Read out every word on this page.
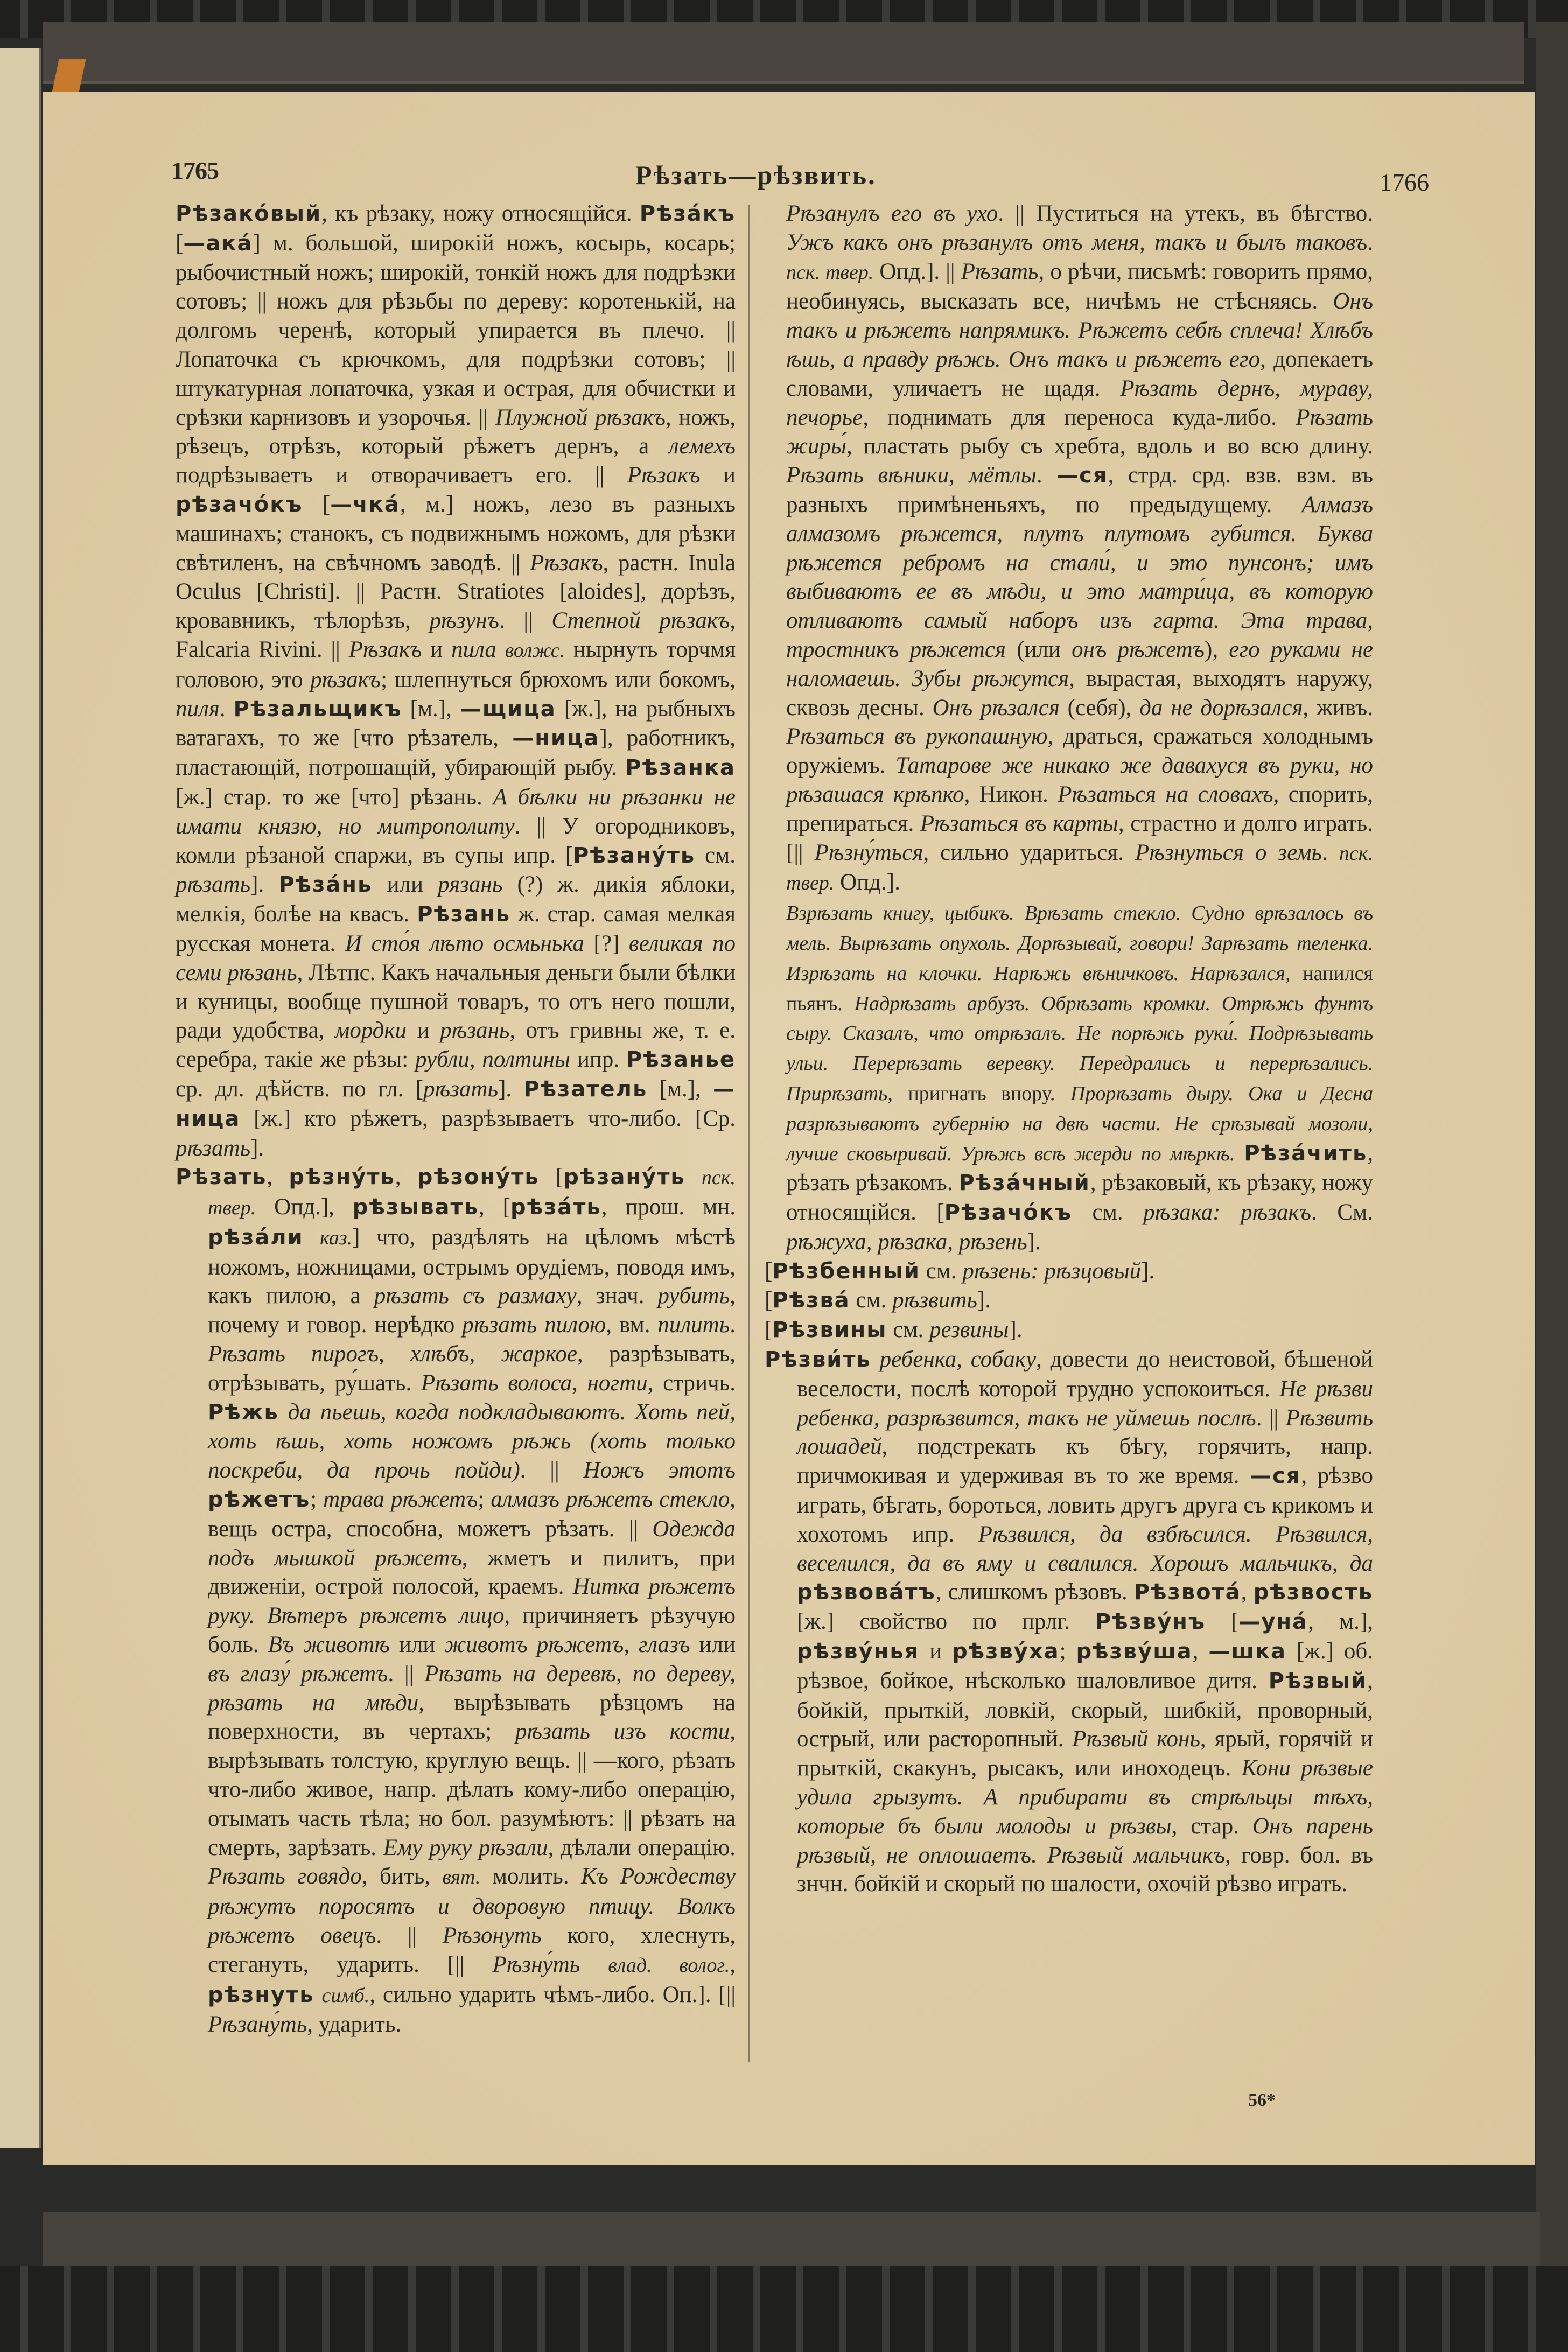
1765	Рѣзать—рѣзвить.	1766

Рѣзако́вый, къ рѣзаку, ножу относящiйся. Рѣза́къ [—ака́] м. большой, широкiй ножъ, косырь, косарь; рыбочистный ножъ; широкiй, тонкiй ножъ для подрѣзки сотовъ; || ножъ для рѣзьбы по дереву: коротенькiй, на долгомъ черенѣ, который упирается въ плечо. || Лопаточка съ крючкомъ, для подрѣзки сотовъ; || штукатурная лопаточка, узкая и острая, для обчистки и срѣзки карнизовъ и узорочья. || Плужной рѣзакъ, ножъ, рѣзецъ, отрѣзъ, который рѣжетъ дернъ, а лемехъ подрѣзываетъ и отворачиваетъ его. || Рѣзакъ и рѣзачо́къ [—чка́, м.] ножъ, лезо въ разныхъ машинахъ; станокъ, съ подвижнымъ ножомъ, для рѣзки свѣтиленъ, на свѣчномъ заводѣ. || Рѣзакъ, растн. Inula Oculus [Christi]. || Растн. Stratiotes [aloides], дорѣзъ, кровавникъ, тѣлорѣзъ, рѣзунъ. || Степной рѣзакъ, Falcaria Rivini. || Рѣзакъ и пила волжс. нырнуть торчмя головою, это рѣзакъ; шлепнуться брюхомъ или бокомъ, пиля. Рѣзальщикъ [м.], —щица [ж.], на рыбныхъ ватагахъ, то же [что рѣзатель, —ница], работникъ, пластающiй, потрошащiй, убирающiй рыбу. Рѣзанка [ж.] стар. то же [что] рѣзань. А бѣлки ни рѣзанки не имати князю, но митрополиту. || У огородниковъ, комли рѣзаной спаржи, въ супы ипр. [Рѣзану́ть см. рѣзать]. Рѣза́нь или рязань (?) ж. дикiя яблоки, мелкiя, болѣе на квасъ. Рѣзань ж. стар. самая мелкая русская монета. И сто́я лѣто осмьнька [?] великая по семи рѣзань, Лѣтпс. Какъ начальныя деньги были бѣлки и куницы, вообще пушной товаръ, то отъ него пошли, ради удобства, мордки и рѣзань, отъ гривны же, т. е. серебра, такiе же рѣзы: рубли, полтины ипр. Рѣзанье ср. дл. дѣйств. по гл. [рѣзать]. Рѣзатель [м.], —ница [ж.] кто рѣжетъ, разрѣзываетъ что-либо. [Ср. рѣзать].

Рѣзать, рѣзну́ть, рѣзону́ть [рѣзану́ть пск. твер. Опд.], рѣзывать, [рѣза́ть, прош. мн. рѣза́ли каз.] что, раздѣлять на цѣломъ мѣстѣ ножомъ, ножницами, острымъ орудiемъ, поводя имъ, какъ пилою, а рѣзать съ размаху, знач. рубить, почему и говор. нерѣдко рѣзать пилою, вм. пилить. Рѣзать пирогъ, хлѣбъ, жаркое, разрѣзывать, отрѣзывать, ру́шать. Рѣзать волоса, ногти, стричь. Рѣжь да пьешь, когда подкладываютъ. Хоть пей, хоть ѣшь, хоть ножомъ рѣжь (хоть только поскреби, да прочь пойди). || Ножъ этотъ рѣжетъ; трава рѣжетъ; алмазъ рѣжетъ стекло, вещь остра, способна, можетъ рѣзать. || Одежда подъ мышкой рѣжетъ, жметъ и пилитъ, при движенiи, острой полосой, краемъ. Нитка рѣжетъ руку. Вѣтеръ рѣжетъ лицо, причиняетъ рѣзучую боль. Въ животѣ или животъ рѣжетъ, глазъ или въ глазу́ рѣжетъ. || Рѣзать на деревѣ, по дереву, рѣзать на мѣди, вырѣзывать рѣзцомъ на поверхности, въ чертахъ; рѣзать изъ кости, вырѣзывать толстую, круглую вещь. || —кого, рѣзать что-либо живое, напр. дѣлать кому-либо операцiю, отымать часть тѣла; но бол. разумѣютъ: || рѣзать на смерть, зарѣзать. Ему руку рѣзали, дѣлали операцiю. Рѣзать говядо, бить, вят. молить. Къ Рождеству рѣжутъ поросятъ и дворовую птицу. Волкъ рѣжетъ овецъ. || Рѣзонуть кого, хлеснуть, стегануть, ударить. [|| Рѣзну́ть влад. волог., рѣзнуть симб., сильно ударить чѣмъ-либо. Оп.]. [|| Рѣзану́ть, ударить.

Рѣзанулъ его въ ухо. || Пуститься на утекъ, въ бѣгство. Ужъ какъ онъ рѣзанулъ отъ меня, такъ и былъ таковъ. пск. твер. Опд.]. || Рѣзать, о рѣчи, письмѣ: говорить прямо, необинуясь, высказать все, ничѣмъ не стѣсняясь. Онъ такъ и рѣжетъ напрямикъ. Рѣжетъ себѣ сплеча! Хлѣбъ ѣшь, а правду рѣжь. Онъ такъ и рѣжетъ его, допекаетъ словами, уличаетъ не щадя. Рѣзать дернъ, мураву, печорье, поднимать для переноса куда-либо. Рѣзать жиры́, пластать рыбу съ хребта, вдоль и во всю длину. Рѣзать вѣники, мётлы. —ся, стрд. срд. взв. взм. въ разныхъ примѣненьяхъ, по предыдущему. Алмазъ алмазомъ рѣжется, плутъ плутомъ губится. Буква рѣжется ребромъ на стали́, и это пунсонъ; имъ выбиваютъ ее въ мѣди, и это матри́ца, въ которую отливаютъ самый наборъ изъ гарта. Эта трава, тростникъ рѣжется (или онъ рѣжетъ), его руками не наломаешь. Зубы рѣжутся, вырастая, выходятъ наружу, сквозь десны. Онъ рѣзался (себя), да не дорѣзался, живъ. Рѣзаться въ рукопашную, драться, сражаться холоднымъ оружiемъ. Татарове же никако же давахуся въ руки, но рѣзашася крѣпко, Никон. Рѣзаться на словахъ, спорить, препираться. Рѣзаться въ карты, страстно и долго играть. [|| Рѣзну́ться, сильно удариться. Рѣзнуться о земь. пск. твер. Опд.].

Взрѣзать книгу, цыбикъ. Врѣзать стекло. Судно врѣзалось въ мель. Вырѣзать опухоль. Дорѣзывай, говори! Зарѣзать теленка. Изрѣзать на клочки. Нарѣжь вѣничковъ. Нарѣзался, напился пьянъ. Надрѣзать арбузъ. Обрѣзать кромки. Отрѣжь фунтъ сыру. Сказалъ, что отрѣзалъ. Не порѣжь руки́. Подрѣзывать ульи. Перерѣзать веревку. Передрались и перерѣзались. Прирѣзать, пригнать впору. Прорѣзать дыру. Ока и Десна разрѣзываютъ губернiю на двѣ части. Не срѣзывай мозоли, лучше сковыривай. Урѣжь всѣ жерди по мѣркѣ. Рѣза́чить, рѣзать рѣзакомъ. Рѣза́чный, рѣзаковый, къ рѣзаку, ножу относящiйся. [Рѣзачо́къ см. рѣзака: рѣзакъ. См. рѣжуха, рѣзака, рѣзень].

[Рѣзбенный см. рѣзень: рѣзцовый].

[Рѣзва́ см. рѣзвить].

[Рѣзвины см. резвины].

Рѣзви́ть ребенка, собаку, довести до неистовой, бѣшеной веселости, послѣ которой трудно успокоиться. Не рѣзви ребенка, разрѣзвится, такъ не уймешь послѣ. || Рѣзвить лошадей, подстрекать къ бѣгу, горячить, напр. причмокивая и удерживая въ то же время. —ся, рѣзво играть, бѣгать, бороться, ловить другъ друга съ крикомъ и хохотомъ ипр. Рѣзвился, да взбѣсился. Рѣзвился, веселился, да въ яму и свалился. Хорошъ мальчикъ, да рѣзвова́тъ, слишкомъ рѣзовъ. Рѣзвота́, рѣзвость [ж.] свойство по прлг. Рѣзву́нъ [—уна́, м.], рѣзву́нья и рѣзву́ха; рѣзву́ша, —шка [ж.] об. рѣзвое, бойкое, нѣсколько шаловливое дитя. Рѣзвый, бойкiй, прыткiй, ловкiй, скорый, шибкiй, проворный, острый, или расторопный. Рѣзвый конь, ярый, горячiй и прыткiй, скакунъ, рысакъ, или иноходецъ. Кони рѣзвые удила грызутъ. А прибирати въ стрѣльцы тѣхъ, которые бъ были молоды и рѣзвы, стар. Онъ парень рѣзвый, не оплошаетъ. Рѣзвый мальчикъ, говр. бол. въ знчн. бойкiй и скорый по шалости, охочiй рѣзво играть.

56*
